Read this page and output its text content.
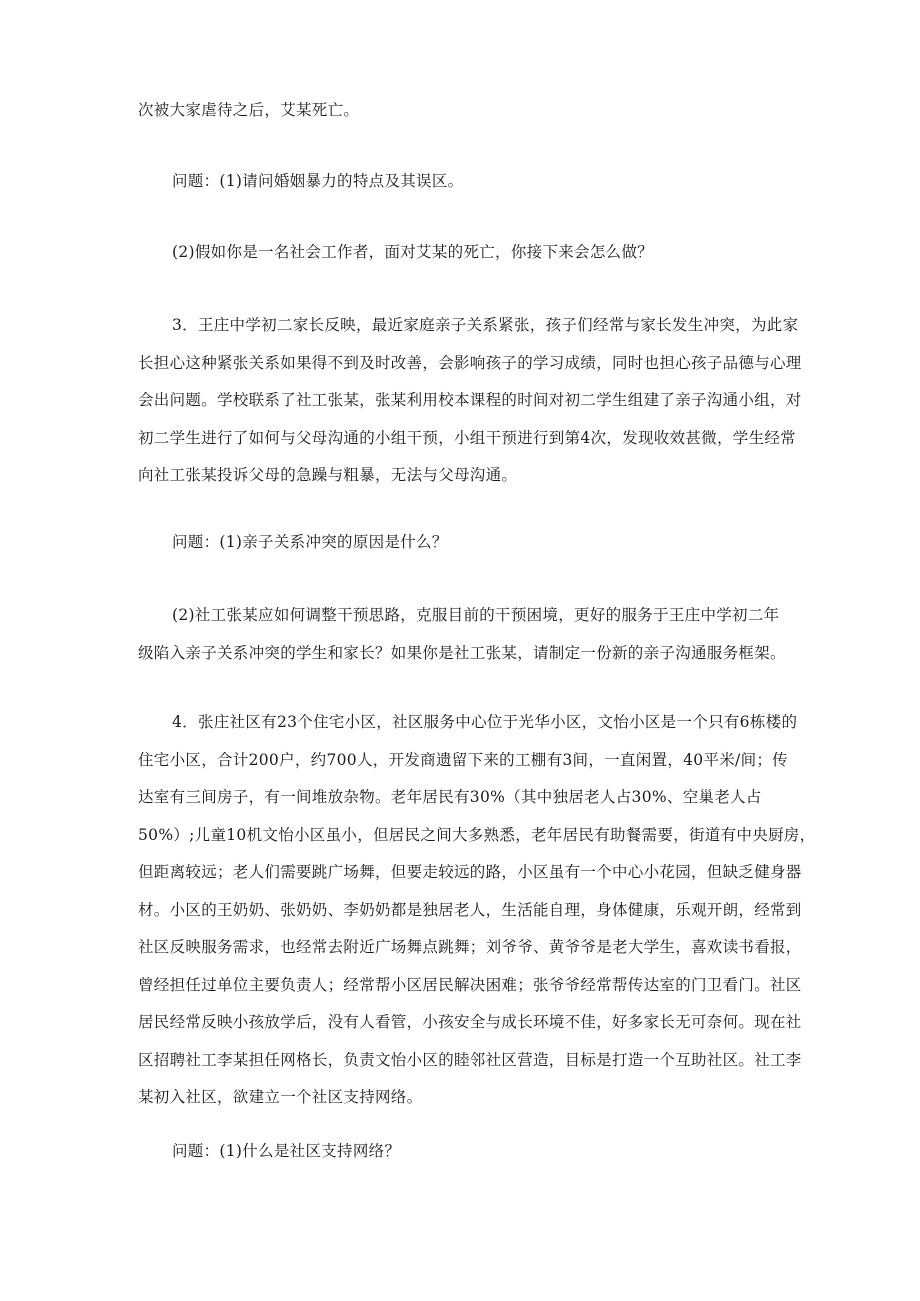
次被大家虐待之后，艾某死亡。
问题：(1)请问婚姻暴力的特点及其误区。
(2)假如你是一名社会工作者，面对艾某的死亡，你接下来会怎么做？
3．王庄中学初二家长反映，最近家庭亲子关系紧张，孩子们经常与家长发生冲突，为此家
长担心这种紧张关系如果得不到及时改善，会影响孩子的学习成绩，同时也担心孩子品德与心理
会出问题。学校联系了社工张某，张某利用校本课程的时间对初二学生组建了亲子沟通小组，对
初二学生进行了如何与父母沟通的小组干预，小组干预进行到第4次，发现收效甚微，学生经常
向社工张某投诉父母的急躁与粗暴，无法与父母沟通。
问题：(1)亲子关系冲突的原因是什么？
(2)社工张某应如何调整干预思路，克服目前的干预困境，更好的服务于王庄中学初二年
级陷入亲子关系冲突的学生和家长？如果你是社工张某，请制定一份新的亲子沟通服务框架。
4．张庄社区有23个住宅小区，社区服务中心位于光华小区，文怡小区是一个只有6栋楼的
住宅小区，合计200户，约700人，开发商遗留下来的工棚有3间，一直闲置，40平米/间；传
达室有三间房子，有一间堆放杂物。老年居民有30%（其中独居老人占30%、空巢老人占
50%）;儿童10机文怡小区虽小，但居民之间大多熟悉，老年居民有助餐需要，街道有中央厨房，
但距离较远；老人们需要跳广场舞，但要走较远的路，小区虽有一个中心小花园，但缺乏健身器
材。小区的王奶奶、张奶奶、李奶奶都是独居老人，生活能自理，身体健康，乐观开朗，经常到
社区反映服务需求，也经常去附近广场舞点跳舞；刘爷爷、黄爷爷是老大学生，喜欢读书看报，
曾经担任过单位主要负责人；经常帮小区居民解决困难；张爷爷经常帮传达室的门卫看门。社区
居民经常反映小孩放学后，没有人看管，小孩安全与成长环境不佳，好多家长无可奈何。现在社
区招聘社工李某担任网格长，负责文怡小区的睦邻社区营造，目标是打造一个互助社区。社工李
某初入社区，欲建立一个社区支持网络。
问题：(1)什么是社区支持网络？
